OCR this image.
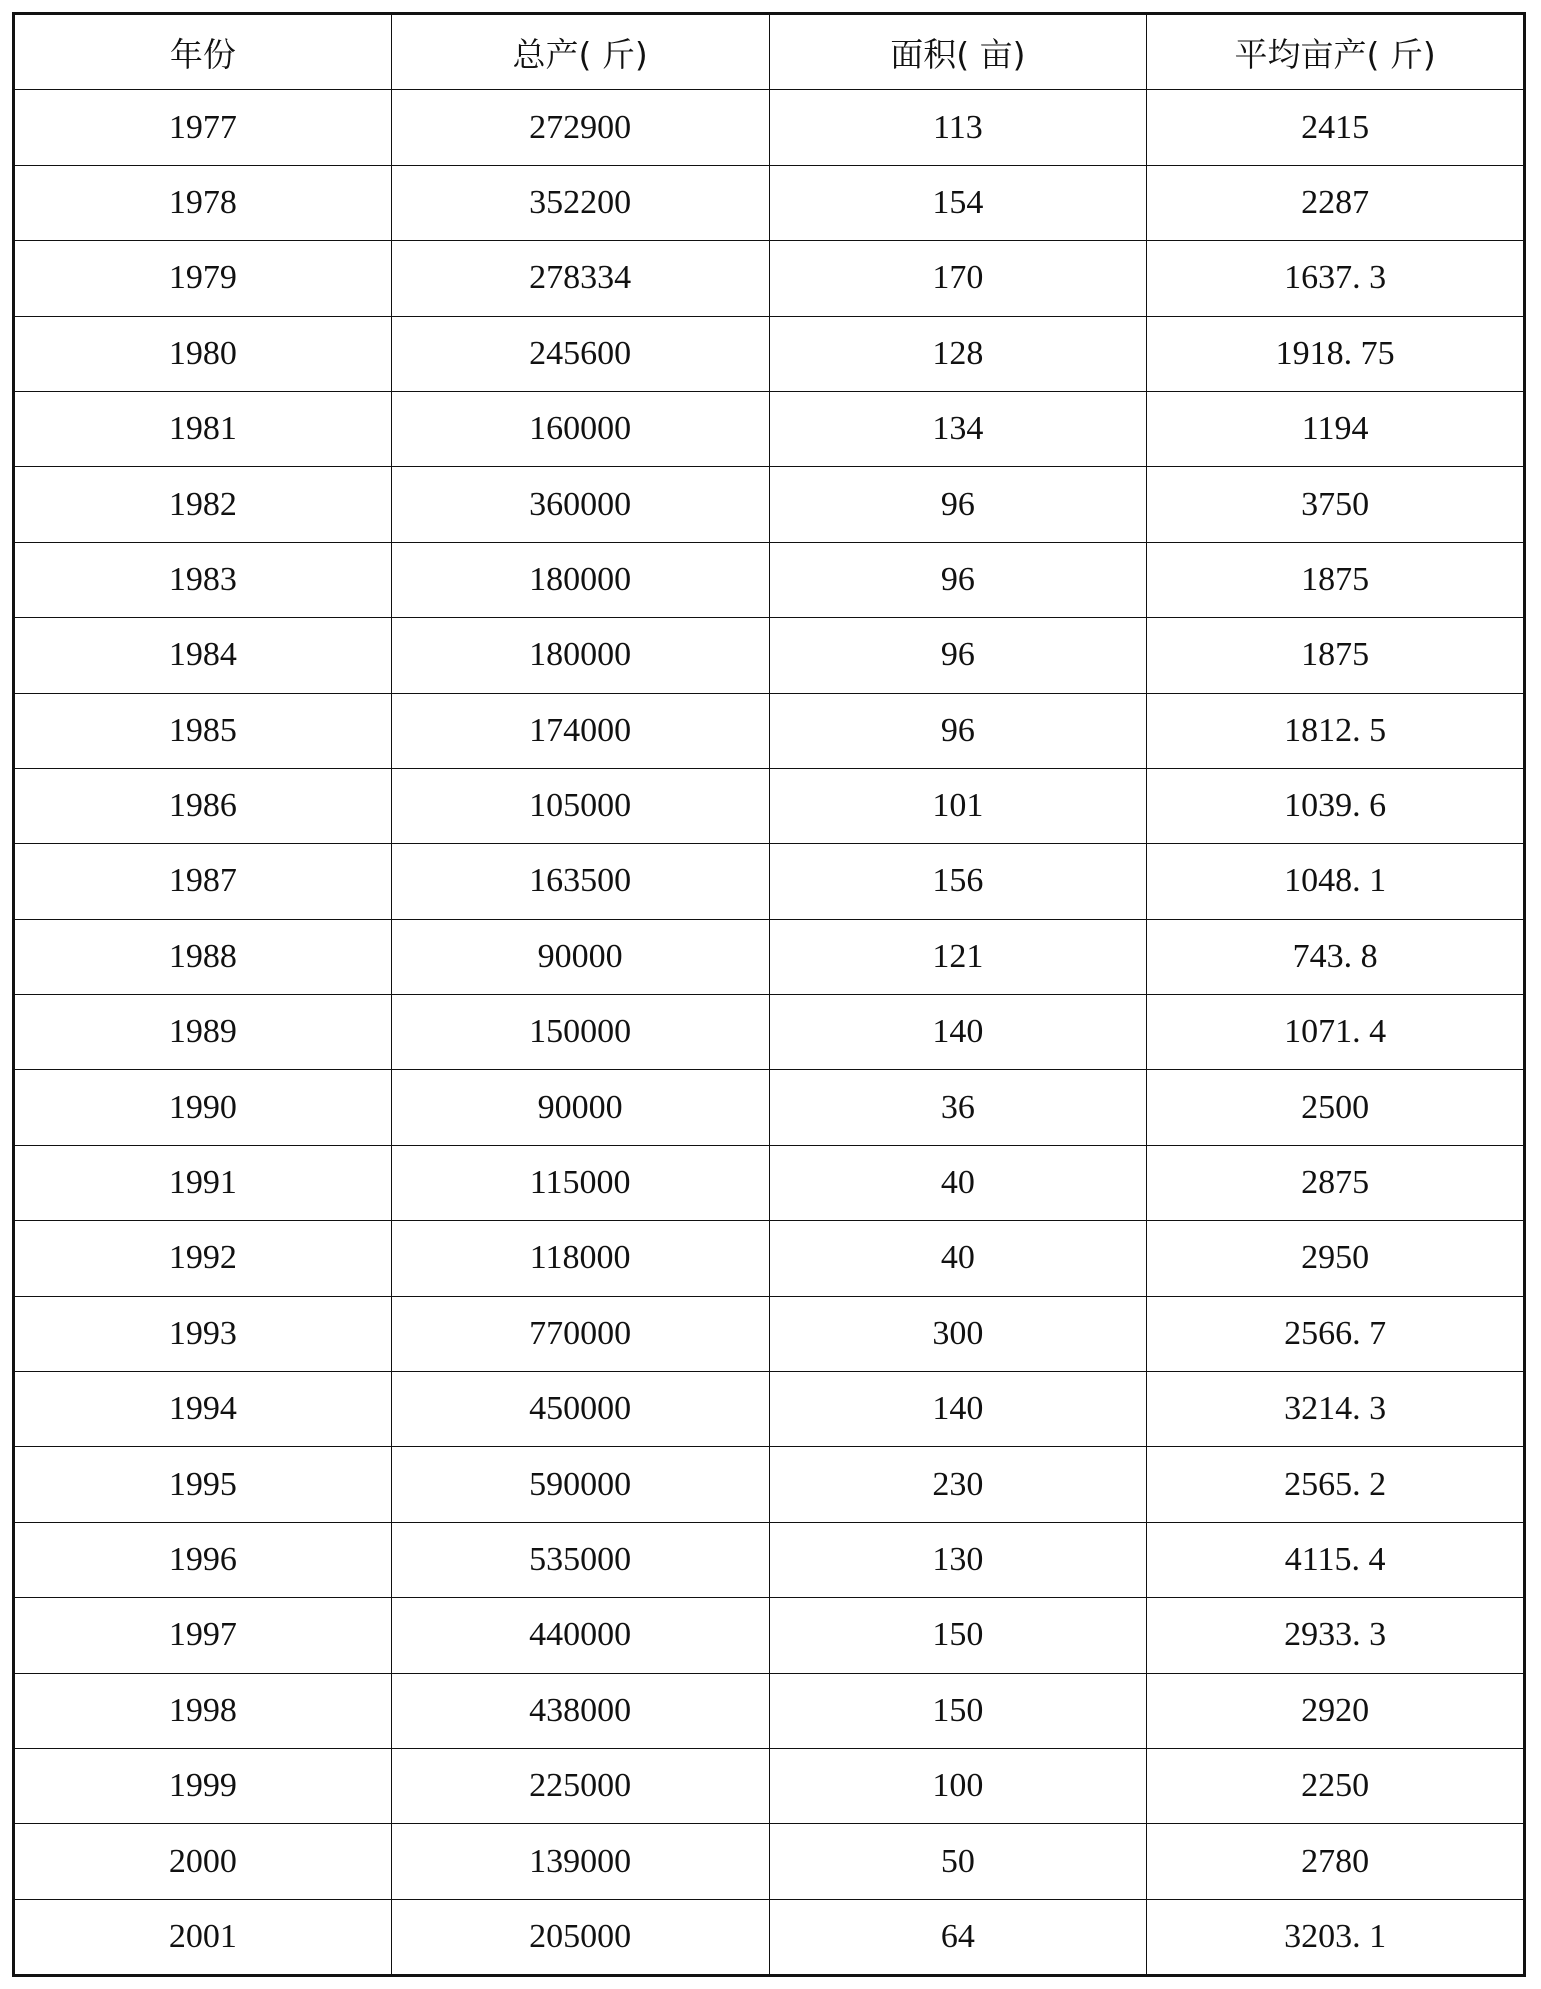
年份	总产( 斤)	面积( 亩)	平均亩产( 斤)
1977	272900	113	2415
1978	352200	154	2287
1979	278334	170	1637. 3
1980	245600	128	1918. 75
1981	160000	134	1194
1982	360000	96	3750
1983	180000	96	1875
1984	180000	96	1875
1985	174000	96	1812. 5
1986	105000	101	1039. 6
1987	163500	156	1048. 1
1988	90000	121	743. 8
1989	150000	140	1071. 4
1990	90000	36	2500
1991	115000	40	2875
1992	118000	40	2950
1993	770000	300	2566. 7
1994	450000	140	3214. 3
1995	590000	230	2565. 2
1996	535000	130	4115. 4
1997	440000	150	2933. 3
1998	438000	150	2920
1999	225000	100	2250
2000	139000	50	2780
2001	205000	64	3203. 1
